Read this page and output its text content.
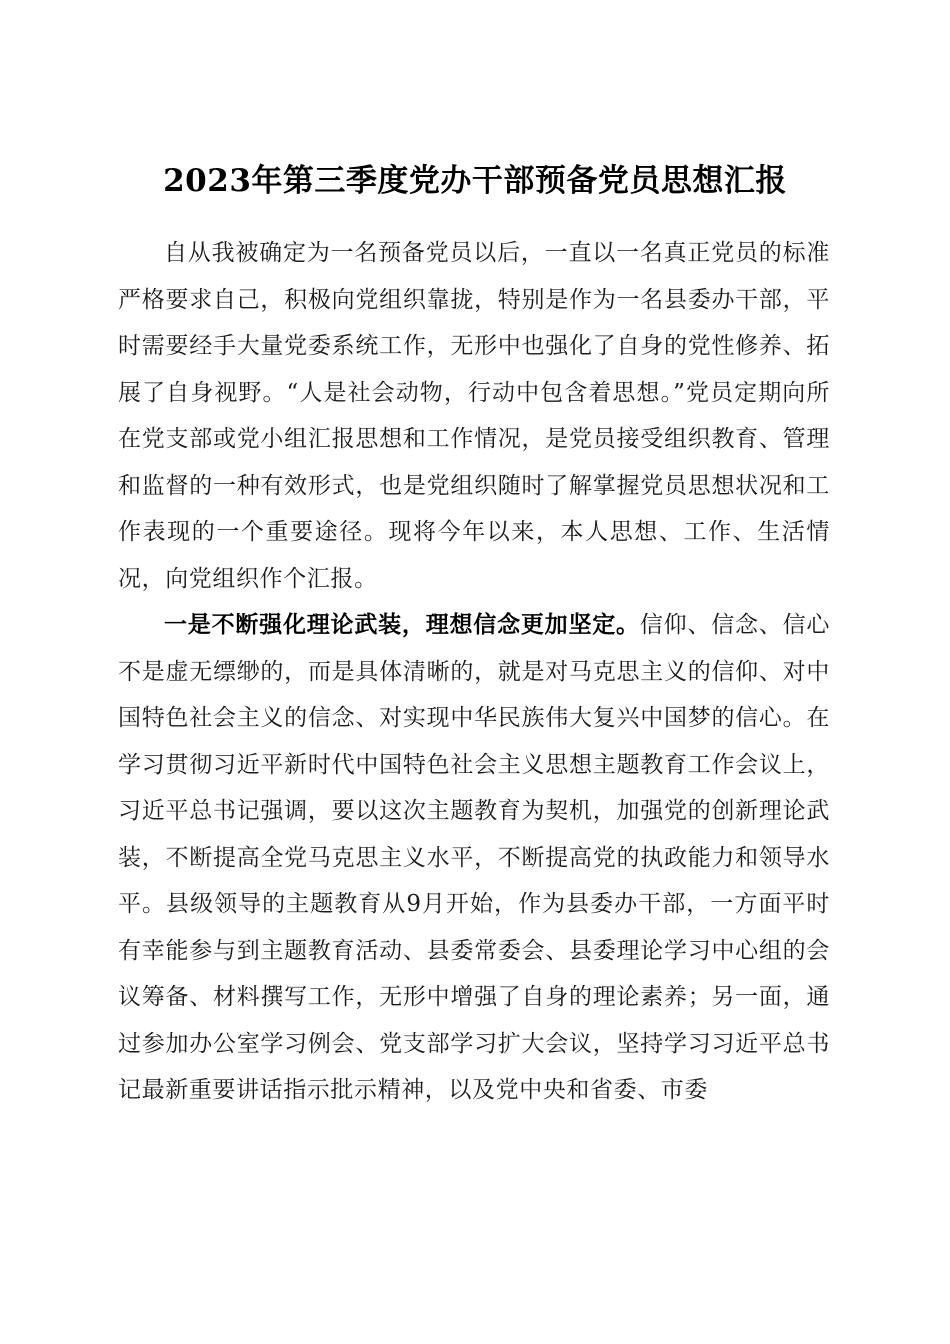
2023年第三季度党办干部预备党员思想汇报

自从我被确定为一名预备党员以后，一直以一名真正党员的标准严格要求自己，积极向党组织靠拢，特别是作为一名县委办干部，平时需要经手大量党委系统工作，无形中也强化了自身的党性修养、拓展了自身视野。“人是社会动物，行动中包含着思想。”党员定期向所在党支部或党小组汇报思想和工作情况，是党员接受组织教育、管理和监督的一种有效形式，也是党组织随时了解掌握党员思想状况和工作表现的一个重要途径。现将今年以来，本人思想、工作、生活情况，向党组织作个汇报。

一是不断强化理论武装，理想信念更加坚定。信仰、信念、信心不是虚无缥缈的，而是具体清晰的，就是对马克思主义的信仰、对中国特色社会主义的信念、对实现中华民族伟大复兴中国梦的信心。在学习贯彻习近平新时代中国特色社会主义思想主题教育工作会议上，习近平总书记强调，要以这次主题教育为契机，加强党的创新理论武装，不断提高全党马克思主义水平，不断提高党的执政能力和领导水平。县级领导的主题教育从9月开始，作为县委办干部，一方面平时有幸能参与到主题教育活动、县委常委会、县委理论学习中心组的会议筹备、材料撰写工作，无形中增强了自身的理论素养；另一面，通过参加办公室学习例会、党支部学习扩大会议，坚持学习习近平总书记最新重要讲话指示批示精神，以及党中央和省委、市委
